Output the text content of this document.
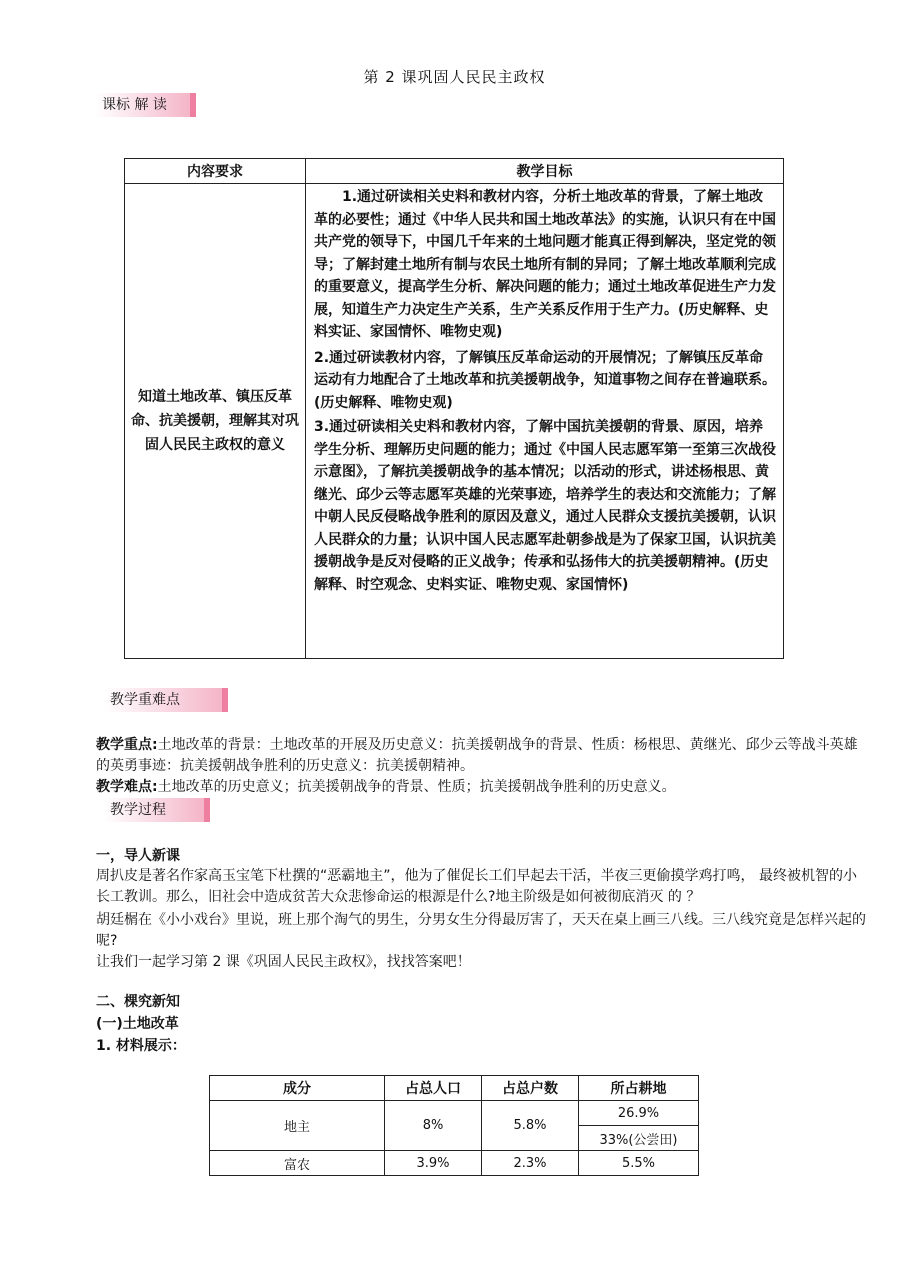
第 2 课巩固人民民主政权
课标 解 读
内容要求	教学目标
知道土地改革、镇压反革命、抗美援朝，理解其对巩固人民民主政权的意义	1.通过研读相关史料和教材内容，分析土地改革的背景，了解土地改革的必要性；通过《中华人民共和国土地改革法》的实施，认识只有在中国共产党的领导下，中国几千年来的土地问题才能真正得到解决，坚定党的领导；了解封建土地所有制与农民土地所有制的异同；了解土地改革顺利完成的重要意义，提高学生分析、解决问题的能力；通过土地改革促进生产力发展，知道生产力决定生产关系，生产关系反作用于生产力。(历史解释、史料实证、家国情怀、唯物史观)

2.通过研读教材内容，了解镇压反革命运动的开展情况；了解镇压反革命运动有力地配合了土地改革和抗美援朝战争，知道事物之间存在普遍联系。(历史解释、唯物史观)

3.通过研读相关史料和教材内容，了解中国抗美援朝的背景、原因，培养学生分析、理解历史问题的能力；通过《中国人民志愿军第一至第三次战役示意图》，了解抗美援朝战争的基本情况；以活动的形式，讲述杨根思、黄继光、邱少云等志愿军英雄的光荣事迹，培养学生的表达和交流能力；了解中朝人民反侵略战争胜利的原因及意义，通过人民群众支援抗美援朝，认识人民群众的力量；认识中国人民志愿军赴朝参战是为了保家卫国，认识抗美援朝战争是反对侵略的正义战争；传承和弘扬伟大的抗美援朝精神。(历史解释、时空观念、史料实证、唯物史观、家国情怀)

教学重难点

教学重点:土地改革的背景：土地改革的开展及历史意义：抗美援朝战争的背景、性质：杨根思、黄继光、邱少云等战斗英雄的英勇事迹：抗美援朝战争胜利的历史意义：抗美援朝精神。

教学难点:土地改革的历史意义；抗美援朝战争的背景、性质；抗美援朝战争胜利的历史意义。

教学过程
一，导人新课

周扒皮是著名作家高玉宝笔下杜撰的“恶霸地主”，他为了催促长工们早起去干活，半夜三更偷摸学鸡打鸣， 最终被机智的小长工教训。那么，旧社会中造成贫苦大众悲惨命运的根源是什么?地主阶级是如何被彻底消灭 的 ？

胡廷榍在《小小戏台》里说，班上那个淘气的男生，分男女生分得最厉害了，天天在桌上画三八线。三八线究竟是怎样兴起的呢?

让我们一起学习第 2 课《巩固人民民主政权》，找找答案吧！

二、棵究新知
(一)土地改革
1. 材料展示：
成分	占总人口	占总户数	所占耕地
地主	8%	5.8%	26.9%
			33%(公尝田)
富农	3.9%	2.3%	5.5%
